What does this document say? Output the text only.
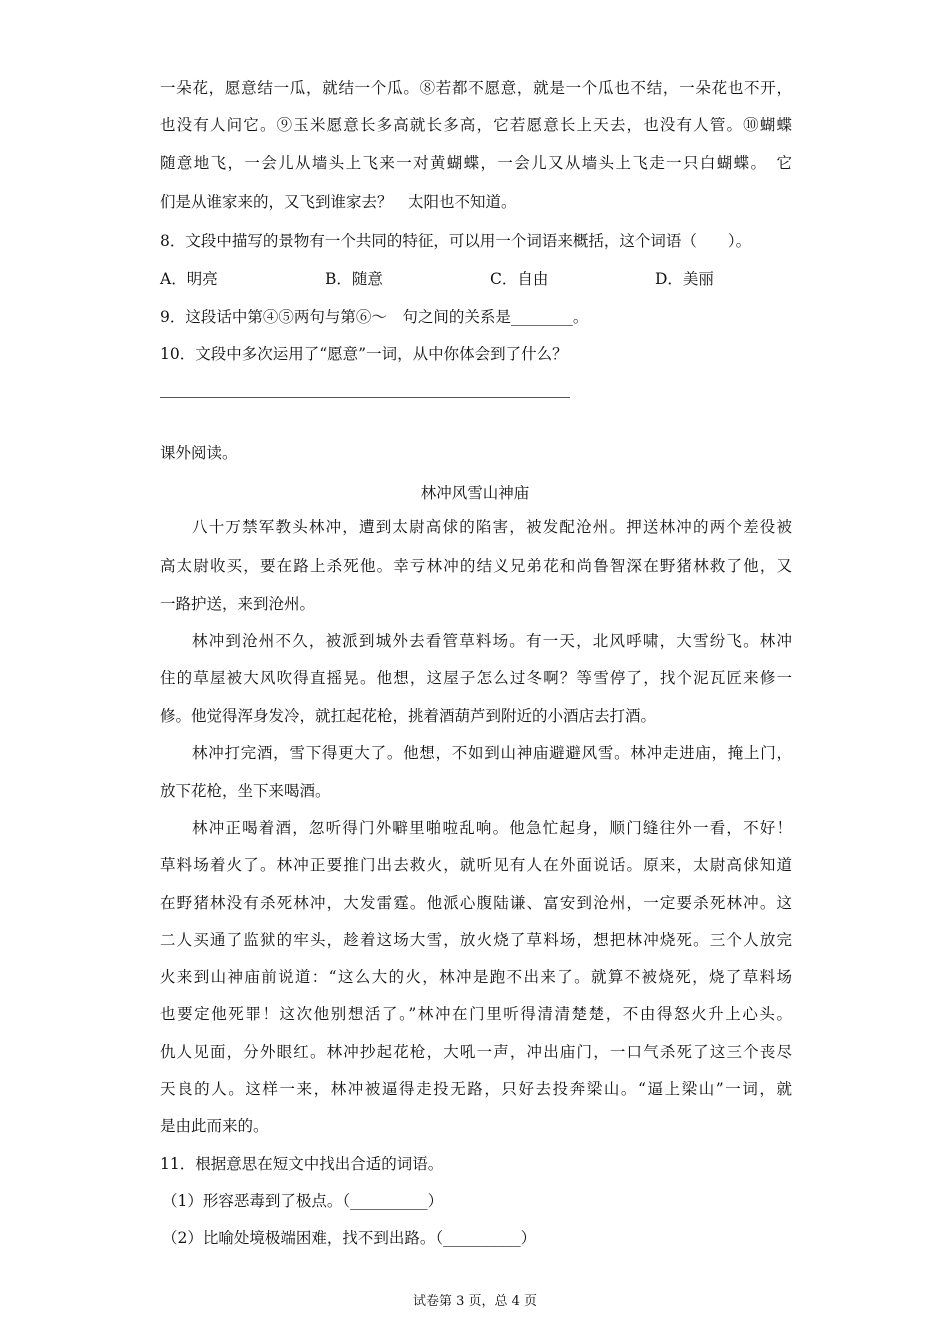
一朵花，愿意结一瓜，就结一个瓜。⑧若都不愿意，就是一个瓜也不结，一朵花也不开，
也没有人问它。⑨玉米愿意长多高就长多高，它若愿意长上天去，也没有人管。⑩蝴蝶
随意地飞，一会儿从墙头上飞来一对黄蝴蝶，一会儿又从墙头上飞走一只白蝴蝶。　它
们是从谁家来的，又飞到谁家去？　太阳也不知道。
8．文段中描写的景物有一个共同的特征，可以用一个词语来概括，这个词语（　　）。
A．明亮	B．随意	C．自由	D．美丽
9．这段话中第④⑤两句与第⑥～　句之间的关系是________。
10．文段中多次运用了“愿意”一词，从中你体会到了什么？
课外阅读。
林冲风雪山神庙
八十万禁军教头林冲，遭到太尉高俅的陷害，被发配沧州。押送林冲的两个差役被
高太尉收买，要在路上杀死他。幸亏林冲的结义兄弟花和尚鲁智深在野猪林救了他，又
一路护送，来到沧州。
林冲到沧州不久，被派到城外去看管草料场。有一天，北风呼啸，大雪纷飞。林冲
住的草屋被大风吹得直摇晃。他想，这屋子怎么过冬啊？等雪停了，找个泥瓦匠来修一
修。他觉得浑身发冷，就扛起花枪，挑着酒葫芦到附近的小酒店去打酒。
林冲打完酒，雪下得更大了。他想，不如到山神庙避避风雪。林冲走进庙，掩上门，
放下花枪，坐下来喝酒。
林冲正喝着酒，忽听得门外噼里啪啦乱响。他急忙起身，顺门缝往外一看，不好！
草料场着火了。林冲正要推门出去救火，就听见有人在外面说话。原来，太尉高俅知道
在野猪林没有杀死林冲，大发雷霆。他派心腹陆谦、富安到沧州，一定要杀死林冲。这
二人买通了监狱的牢头，趁着这场大雪，放火烧了草料场，想把林冲烧死。三个人放完
火来到山神庙前说道：“这么大的火，林冲是跑不出来了。就算不被烧死，烧了草料场
也要定他死罪！这次他别想活了。”林冲在门里听得清清楚楚，不由得怒火升上心头。
仇人见面，分外眼红。林冲抄起花枪，大吼一声，冲出庙门，一口气杀死了这三个丧尽
天良的人。这样一来，林冲被逼得走投无路，只好去投奔梁山。“逼上梁山”一词，就
是由此而来的。
11．根据意思在短文中找出合适的词语。
（1）形容恶毒到了极点。（__________）
（2）比喻处境极端困难，找不到出路。（__________）
试卷第 3 页，总 4 页
